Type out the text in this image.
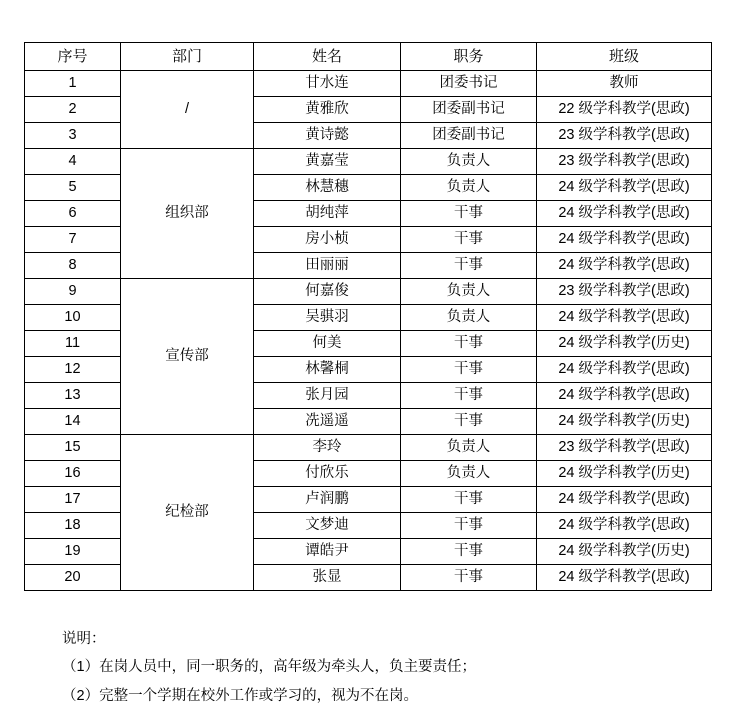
序号	部门	姓名	职务	班级
1	/	甘水连	团委书记	教师
2		黄雅欣	团委副书记	22 级学科教学(思政)
3		黄诗懿	团委副书记	23 级学科教学(思政)
4	组织部	黄嘉莹	负责人	23 级学科教学(思政)
5		林慧穗	负责人	24 级学科教学(思政)
6		胡纯萍	干事	24 级学科教学(思政)
7		房小桢	干事	24 级学科教学(思政)
8		田丽丽	干事	24 级学科教学(思政)
9	宣传部	何嘉俊	负责人	23 级学科教学(思政)
10		吴骐羽	负责人	24 级学科教学(思政)
11		何美	干事	24 级学科教学(历史)
12		林馨桐	干事	24 级学科教学(思政)
13		张月园	干事	24 级学科教学(思政)
14		冼遥遥	干事	24 级学科教学(历史)
15	纪检部	李玲	负责人	23 级学科教学(思政)
16		付欣乐	负责人	24 级学科教学(历史)
17		卢润鹏	干事	24 级学科教学(思政)
18		文梦迪	干事	24 级学科教学(思政)
19		谭皓尹	干事	24 级学科教学(历史)
20		张显	干事	24 级学科教学(思政)
说明：
（1）在岗人员中，同一职务的，高年级为牵头人，负主要责任；
（2）完整一个学期在校外工作或学习的，视为不在岗。
